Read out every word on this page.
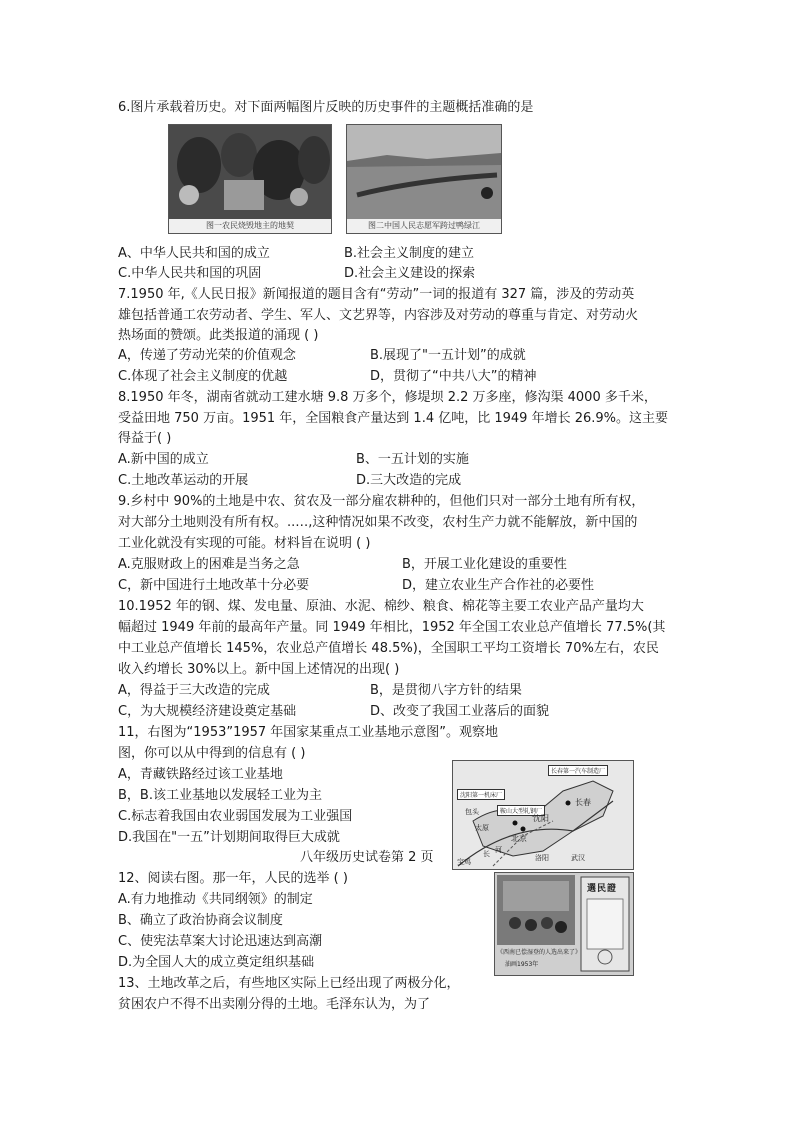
6.图片承载着历史。对下面两幅图片反映的历史事件的主题概括准确的是
图一农民烧毁地主的地契	图二中国人民志愿军跨过鸭绿江
A、中华人民共和国的成立	B.社会主义制度的建立
C.中华人民共和国的巩固	D.社会主义建设的探索
7.1950 年,《人民日报》新闻报道的题目含有“劳动”一词的报道有 327 篇，涉及的劳动英
雄包括普通工农劳动者、学生、军人、文艺界等，内容涉及对劳动的尊重与肯定、对劳动火
热场面的赞颂。此类报道的涌现 ( )
A，传递了劳动光荣的价值观念	B.展现了"一五计划”的成就
C.体现了社会主义制度的优越	D，贯彻了“中共八大”的精神
8.1950 年冬，湖南省就动工建水塘 9.8 万多个，修堤坝 2.2 万多座，修沟渠 4000 多千米，
受益田地 750 万亩。1951 年，全国粮食产量达到 1.4 亿吨，比 1949 年增长 26.9%。这主要
得益于( )
A.新中国的成立	B、一五计划的实施
C.土地改革运动的开展	D.三大改造的完成
9.乡村中 90%的土地是中农、贫农及一部分雇农耕种的，但他们只对一部分土地有所有权，
对大部分土地则没有所有权。..…,这种情况如果不改变，农村生产力就不能解放，新中国的
工业化就没有实现的可能。材料旨在说明 ( )
A.克服财政上的困难是当务之急	B，开展工业化建设的重要性
C，新中国进行土地改革十分必要	D，建立农业生产合作社的必要性
10.1952 年的钢、煤、发电量、原油、水泥、棉纱、粮食、棉花等主要工农业产品产量均大
幅超过 1949 年前的最高年产量。同 1949 年相比，1952 年全国工农业总产值增长 77.5%(其
中工业总产值增长 145%，农业总产值增长 48.5%)，全国职工平均工资增长 70%左右，农民
收入约增长 30%以上。新中国上述情况的出现( )
A，得益于三大改造的完成	B，是贯彻八字方针的结果
C，为大规模经济建设奠定基础	D、改变了我国工业落后的面貌
11，右图为“1953”1957 年国家某重点工业基地示意图”。观察地
图，你可以从中得到的信息有 ( )
A，青藏铁路经过该工业基地
B，B.该工业基地以发展轻工业为主
C.标志着我国由农业弱国发展为工业强国
D.我国在"一五”计划期间取得巨大成就
长春第一汽车制造厂
沈阳第一机床厂
鞍山大型轧钢厂
长春
沈阳
北京
宝鸡
长 河
洛阳	武汉
太原
包头
八年级历史试卷第 2 页
12、阅读右图。那一年，人民的选举 ( )
A.有力地推动《共同纲领》的制定
B、确立了政治协商会议制度
C、使宪法草案大讨论迅速达到高潮
D.为全国人大的成立奠定组织基础
選民證
《西南已偿湿登的人选出来了》
油画1953年
13、土地改革之后，有些地区实际上已经出现了两极分化，
贫困农户不得不出卖刚分得的土地。毛泽东认为，为了
